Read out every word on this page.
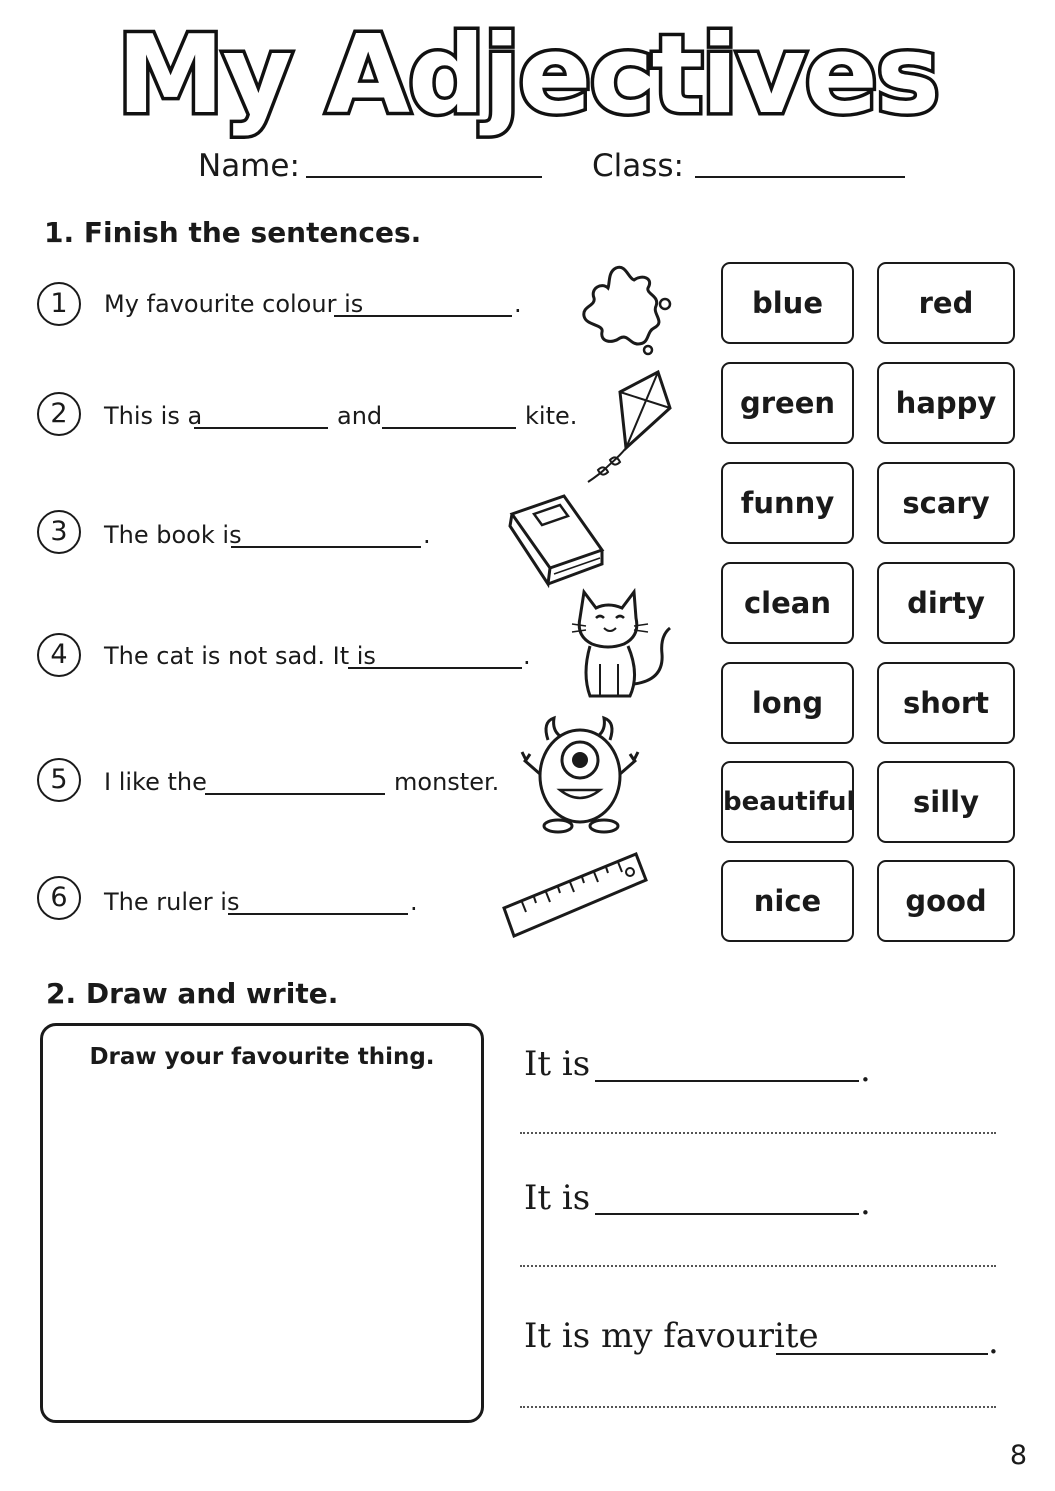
My Adjectives
Name:	Class:
1. Finish the sentences.
1	My favourite colour is	.
2	This is a	and	kite.
3	The book is	.
4	The cat is not sad. It is	.
5	I like the	monster.
6	The ruler is	.
blue	red
green	happy
funny	scary
clean	dirty
long	short
beautiful	silly
nice	good
2. Draw and write.
Draw your favourite thing.	It is	.
It is	.
It is my favourite	.
8
